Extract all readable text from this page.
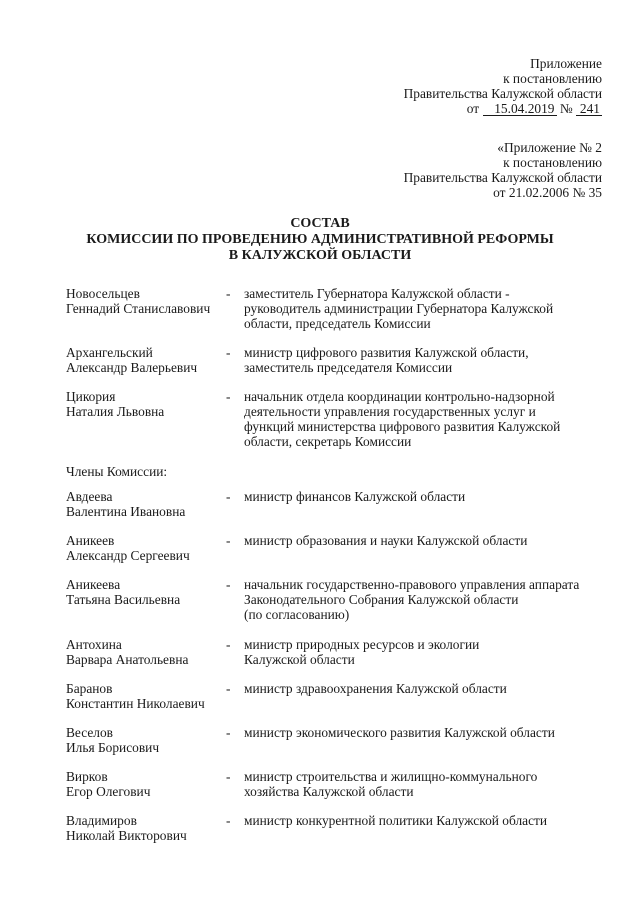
Приложение
к постановлению
Правительства Калужской области
от 15.04.2019 № 241
«Приложение № 2
к постановлению
Правительства Калужской области
от 21.02.2006 № 35
СОСТАВ
КОМИССИИ ПО ПРОВЕДЕНИЮ АДМИНИСТРАТИВНОЙ РЕФОРМЫ
В КАЛУЖСКОЙ ОБЛАСТИ
Новосельцев
Геннадий Станиславович
- заместитель Губернатора Калужской области -
руководитель администрации Губернатора Калужской
области, председатель Комиссии
Архангельский
Александр Валерьевич
- министр цифрового развития Калужской области,
заместитель председателя Комиссии
Цикория
Наталия Львовна
- начальник отдела координации контрольно-надзорной
деятельности управления государственных услуг и
функций министерства цифрового развития Калужской
области, секретарь Комиссии
Члены Комиссии:
Авдеева
Валентина Ивановна
- министр финансов Калужской области
Аникеев
Александр Сергеевич
- министр образования и науки Калужской области
Аникеева
Татьяна Васильевна
- начальник государственно-правового управления аппарата
Законодательного Собрания Калужской области
(по согласованию)
Антохина
Варвара Анатольевна
- министр природных ресурсов и экологии
Калужской области
Баранов
Константин Николаевич
- министр здравоохранения Калужской области
Веселов
Илья Борисович
- министр экономического развития Калужской области
Вирков
Егор Олегович
- министр строительства и жилищно-коммунального
хозяйства Калужской области
Владимиров
Николай Викторович
- министр конкурентной политики Калужской области
